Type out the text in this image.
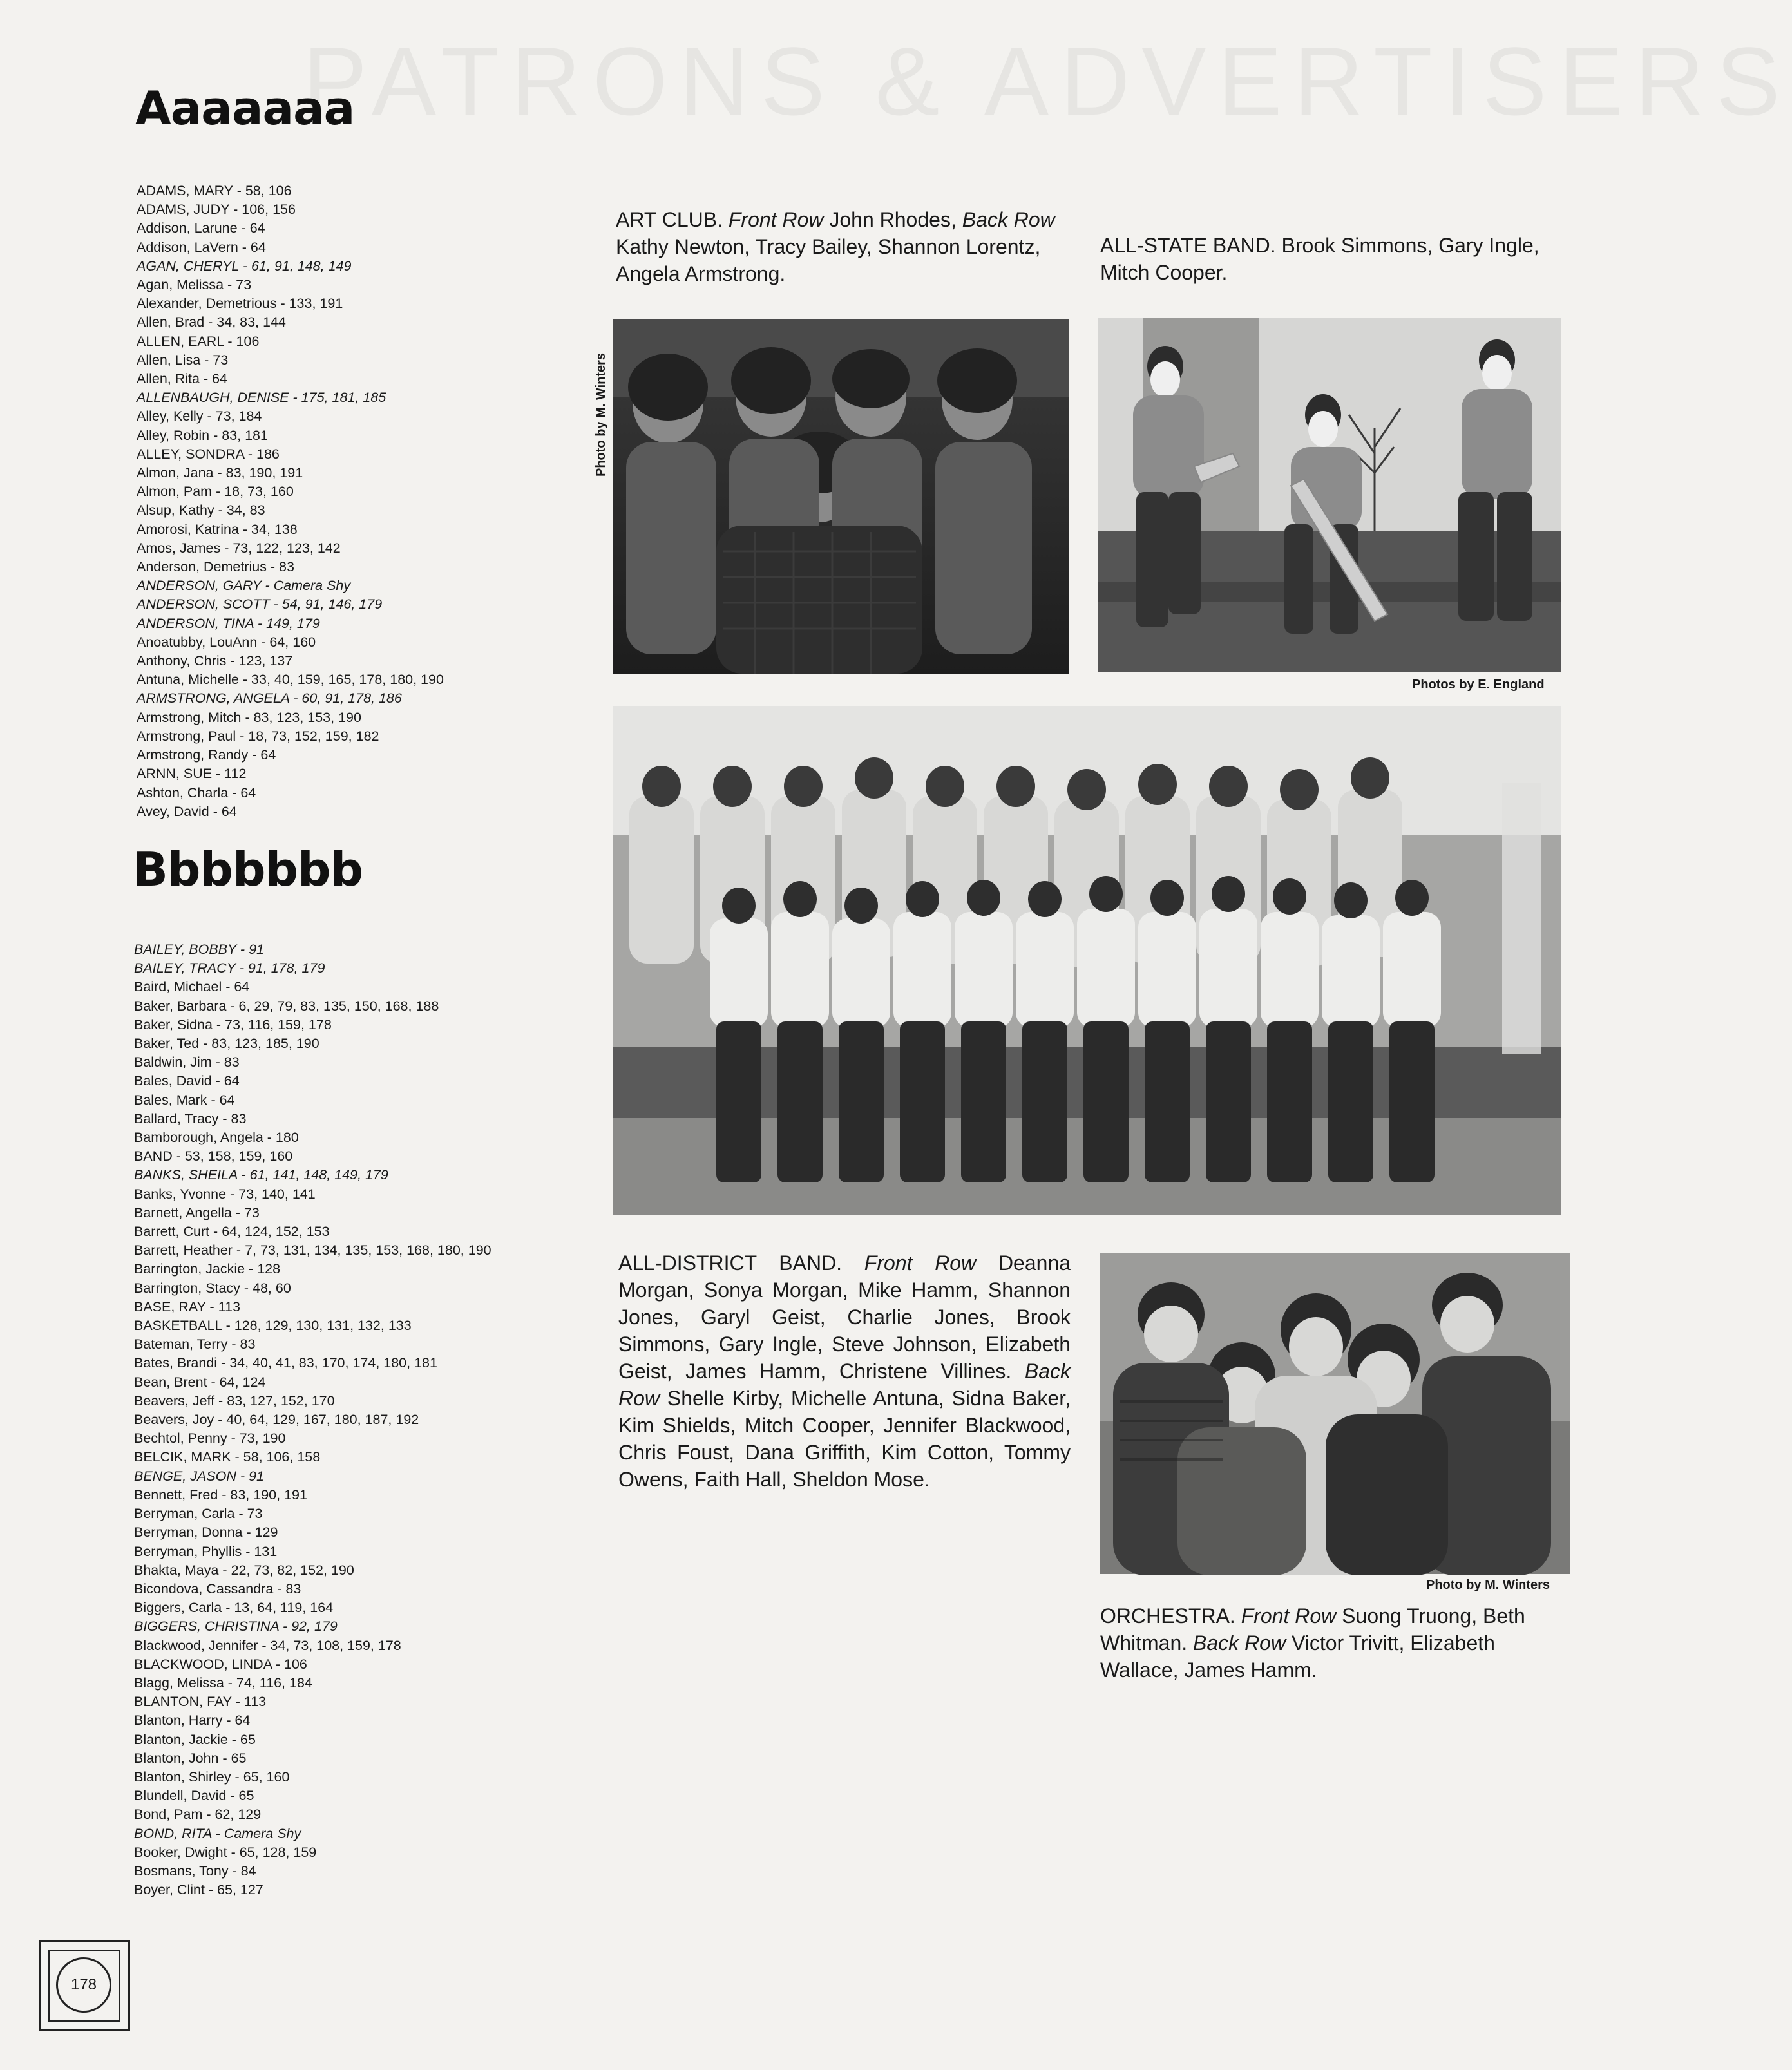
PATRONS & ADVERTISERS
Aaaaaaa
ADAMS, MARY - 58, 106
ADAMS, JUDY - 106, 156
Addison, Larune - 64
Addison, LaVern - 64
AGAN, CHERYL - 61, 91, 148, 149
Agan, Melissa - 73
Alexander, Demetrious - 133, 191
Allen, Brad - 34, 83, 144
ALLEN, EARL - 106
Allen, Lisa - 73
Allen, Rita - 64
ALLENBAUGH, DENISE - 175, 181, 185
Alley, Kelly - 73, 184
Alley, Robin - 83, 181
ALLEY, SONDRA - 186
Almon, Jana - 83, 190, 191
Almon, Pam - 18, 73, 160
Alsup, Kathy - 34, 83
Amorosi, Katrina - 34, 138
Amos, James - 73, 122, 123, 142
Anderson, Demetrius - 83
ANDERSON, GARY - Camera Shy
ANDERSON, SCOTT - 54, 91, 146, 179
ANDERSON, TINA - 149, 179
Anoatubby, LouAnn - 64, 160
Anthony, Chris - 123, 137
Antuna, Michelle - 33, 40, 159, 165, 178, 180, 190
ARMSTRONG, ANGELA - 60, 91, 178, 186
Armstrong, Mitch - 83, 123, 153, 190
Armstrong, Paul - 18, 73, 152, 159, 182
Armstrong, Randy - 64
ARNN, SUE - 112
Ashton, Charla - 64
Avey, David - 64
Bbbbbbb
BAILEY, BOBBY - 91
BAILEY, TRACY - 91, 178, 179
Baird, Michael - 64
Baker, Barbara - 6, 29, 79, 83, 135, 150, 168, 188
Baker, Sidna - 73, 116, 159, 178
Baker, Ted - 83, 123, 185, 190
Baldwin, Jim - 83
Bales, David - 64
Bales, Mark - 64
Ballard, Tracy - 83
Bamborough, Angela - 180
BAND - 53, 158, 159, 160
BANKS, SHEILA - 61, 141, 148, 149, 179
Banks, Yvonne - 73, 140, 141
Barnett, Angella - 73
Barrett, Curt - 64, 124, 152, 153
Barrett, Heather - 7, 73, 131, 134, 135, 153, 168, 180, 190
Barrington, Jackie - 128
Barrington, Stacy - 48, 60
BASE, RAY - 113
BASKETBALL - 128, 129, 130, 131, 132, 133
Bateman, Terry - 83
Bates, Brandi - 34, 40, 41, 83, 170, 174, 180, 181
Bean, Brent - 64, 124
Beavers, Jeff - 83, 127, 152, 170
Beavers, Joy - 40, 64, 129, 167, 180, 187, 192
Bechtol, Penny - 73, 190
BELCIK, MARK - 58, 106, 158
BENGE, JASON - 91
Bennett, Fred - 83, 190, 191
Berryman, Carla - 73
Berryman, Donna - 129
Berryman, Phyllis - 131
Bhakta, Maya - 22, 73, 82, 152, 190
Bicondova, Cassandra - 83
Biggers, Carla - 13, 64, 119, 164
BIGGERS, CHRISTINA - 92, 179
Blackwood, Jennifer - 34, 73, 108, 159, 178
BLACKWOOD, LINDA - 106
Blagg, Melissa - 74, 116, 184
BLANTON, FAY - 113
Blanton, Harry - 64
Blanton, Jackie - 65
Blanton, John - 65
Blanton, Shirley - 65, 160
Blundell, David - 65
Bond, Pam - 62, 129
BOND, RITA - Camera Shy
Booker, Dwight - 65, 128, 159
Bosmans, Tony - 84
Boyer, Clint - 65, 127
ART CLUB. Front Row John Rhodes, Back Row Kathy Newton, Tracy Bailey, Shannon Lorentz, Angela Armstrong.
ALL-STATE BAND. Brook Simmons, Gary Ingle, Mitch Cooper.
Photo by M. Winters
Photos by E. England
ALL-DISTRICT BAND. Front Row Deanna Morgan, Sonya Morgan, Mike Hamm, Shannon Jones, Garyl Geist, Charlie Jones, Brook Simmons, Gary Ingle, Steve Johnson, Elizabeth Geist, James Hamm, Christene Villines. Back Row Shelle Kirby, Michelle Antuna, Sidna Baker, Kim Shields, Mitch Cooper, Jennifer Blackwood, Chris Foust, Dana Griffith, Kim Cotton, Tommy Owens, Faith Hall, Sheldon Mose.
Photo by M. Winters
ORCHESTRA. Front Row Suong Truong, Beth Whitman. Back Row Victor Trivitt, Elizabeth Wallace, James Hamm.
178
